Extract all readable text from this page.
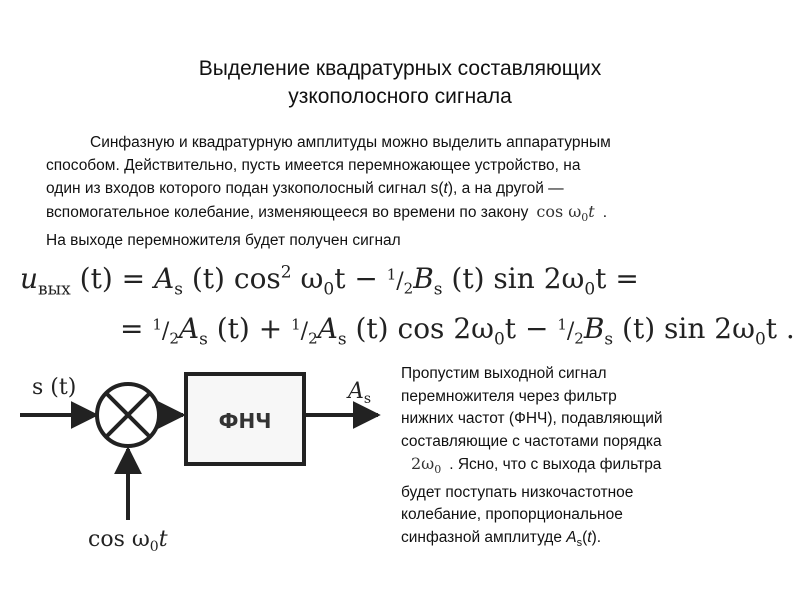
Выделение квадратурных составляющих
узкополосного сигнала
Синфазную и квадратурную амплитуды можно выделить аппаратурным
способом. Действительно, пусть имеется перемножающее устройство, на
один из входов которого подан узкополосный сигнал s(t), а на другой —
вспомогательное колебание, изменяющееся во времени по закону $\cos \omega_0t$ .
На выходе перемножителя будет получен сигнал
$u_{вых}$ $(t) = A_s$ (t) $\cos^2 \omega_0t - ^1/_2B_s$ (t) $\sin 2\omega_0t$ =
= $^1/_2A_s$ $(t) + ^1/_2A_s$ (t) $\cos 2\omega_0t - ^1/_2B_s$ (t) $\sin 2\omega_0t$ .
s (t)
ФНЧ
$A_s$
$\cos \omega_0t$
Пропустим выходной сигнал
перемножителя через фильтр
нижних частот (ФНЧ), подавляющий
составляющие с частотами порядка
$2\omega_0$ . Ясно, что с выхода фильтра
будет поступать низкочастотное
колебание, пропорциональное
синфазной амплитуде $A_s(t)$.
